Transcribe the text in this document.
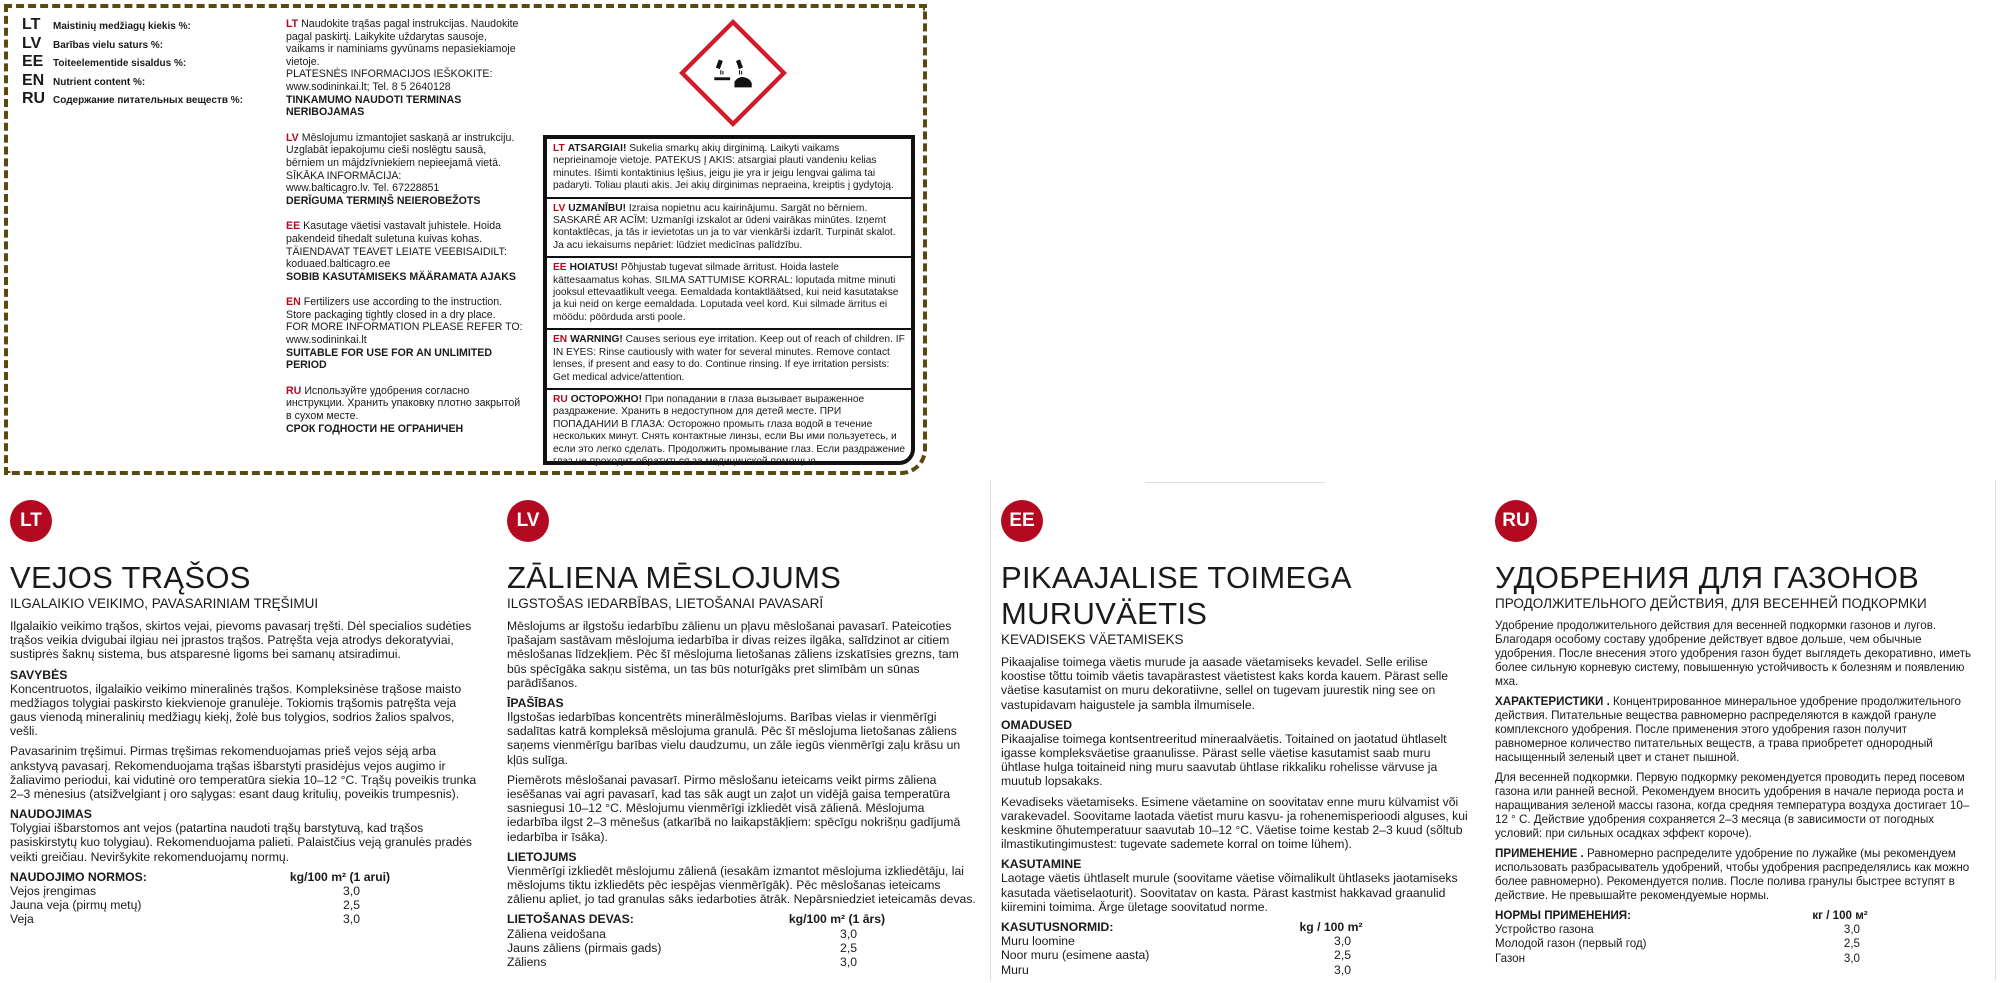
LT	Maistinių medžiagų kiekis %:
LV	Barības vielu saturs %:
EE Toiteelementide sisaldus %:
EN Nutrient content %:
RU Содержание питательных веществ %:
LT Naudokite trąšas pagal instrukcijas. Naudokite pagal paskirtį. Laikykite uždarytas sausoje, vaikams ir naminiams gyvūnams nepasiekiamoje vietoje.
PLATESNĖS INFORMACIJOS IEŠKOKITE:
www.sodininkai.lt; Tel. 8 5 2640128
TINKAMUMO NAUDOTI TERMINAS NERIBOJAMAS
LV Mēslojumu izmantojiet saskaņā ar instrukciju. Uzglabāt iepakojumu cieši noslēgtu sausā, bērniem un mājdzīvniekiem nepieejamā vietā.
SĪKĀKA INFORMĀCIJA:
www.balticagro.lv. Tel. 67228851
DERĪGUMA TERMIŅŠ NEIEROBEŽOTS
EE Kasutage väetisi vastavalt juhistele. Hoida pakendeid tihedalt suletuna kuivas kohas.
TÄIENDAVAT TEAVET LEIATE VEEBISAIDILT:
koduaed.balticagro.ee
SOBIB KASUTAMISEKS MÄÄRAMATA AJAKS
EN Fertilizers use according to the instruction. Store packaging tightly closed in a dry place.
FOR MORE INFORMATION PLEASE REFER TO:
www.sodininkai.lt
SUITABLE FOR USE FOR AN UNLIMITED PERIOD
RU Используйте удобрения согласно инструкции. Хранить упаковку плотно закрытой в сухом месте.
СРОК ГОДНОСТИ НЕ ОГРАНИЧЕН
LT ATSARGIAI! Sukelia smarkų akių dirginimą. Laikyti vaikams neprieinamoje vietoje. PATEKUS Į AKIS: atsargiai plauti vandeniu kelias minutes. Išimti kontaktinius lęšius, jeigu jie yra ir jeigu lengvai galima tai padaryti. Toliau plauti akis. Jei akių dirginimas nepraeina, kreiptis į gydytoją.
LV UZMANĪBU! Izraisa nopietnu acu kairinājumu. Sargāt no bērniem. SASKARĒ AR ACĪM: Uzmanīgi izskalot ar ūdeni vairākas minūtes. Izņemt kontaktlēcas, ja tās ir ievietotas un ja to var vienkārši izdarīt. Turpināt skalot. Ja acu iekaisums nepāriet: lūdziet medicīnas palīdzību.
EE HOIATUS! Põhjustab tugevat silmade ärritust. Hoida lastele kättesaamatus kohas. SILMA SATTUMISE KORRAL: loputada mitme minuti jooksul ettevaatlikult veega. Eemaldada kontaktläätsed, kui neid kasutatakse ja kui neid on kerge eemaldada. Loputada veel kord. Kui silmade ärritus ei möödu: pöörduda arsti poole.
EN WARNING! Causes serious eye irritation. Keep out of reach of children. IF IN EYES: Rinse cautiously with water for several minutes. Remove contact lenses, if present and easy to do. Continue rinsing. If eye irritation persists: Get medical advice/attention.
RU ОСТОРОЖНО! При попадании в глаза вызывает выраженное раздражение. Хранить в недоступном для детей месте. ПРИ ПОПАДАНИИ В ГЛАЗА: Осторожно промыть глаза водой в течение нескольких минут. Снять контактные линзы, если Вы ими пользуетесь, и если это легко сделать. Продолжить промывание глаз. Если раздражение глаз не проходит обратиться за медицинской помощью.
LT
VEJOS TRĄŠOS
ILGALAIKIO VEIKIMO, PAVASARINIAM TRĘŠIMUI

Ilgalaikio veikimo trąšos, skirtos vejai, pievoms pavasarį tręšti. Dėl specialios sudėties trąšos veikia dvigubai ilgiau nei įprastos trąšos. Patręšta veja atrodys dekoratyviai, sustiprės šaknų sistema, bus atsparesnė ligoms bei samanų atsiradimui.

SAVYBĖS

Koncentruotos, ilgalaikio veikimo mineralinės trąšos. Kompleksinėse trąšose maisto medžiagos tolygiai paskirsto kiekvienoje granulėje. Tokiomis trąšomis patręšta veja gaus vienodą mineralinių medžiagų kiekį, žolė bus tolygios, sodrios žalios spalvos, vešli.

Pavasarinim tręšimui. Pirmas tręšimas rekomenduojamas prieš vejos sėją arba ankstyvą pavasarį. Rekomenduojama trąšas išbarstyti prasidėjus vejos augimo ir žaliavimo periodui, kai vidutinė oro temperatūra siekia 10–12 °C. Trąšų poveikis trunka 2–3 mėnesius (atsižvelgiant į oro sąlygas: esant daug kritulių, poveikis trumpesnis).

NAUDOJIMAS

Tolygiai išbarstomos ant vejos (patartina naudoti trąšų barstytuvą, kad trąšos pasiskirstytų kuo tolygiau). Rekomenduojama palieti. Palaistčius veją granulės pradės veikti greičiau. Neviršykite rekomenduojamų normų.

NAUDOJIMO NORMOS:	kg/100 m² (1 arui)
Vejos įrengimas	3,0
Jauna veja (pirmų metų)	2,5
Veja	3,0
LV
ZĀLIENA MĒSLOJUMS
ILGSTOŠAS IEDARBĪBAS, LIETOŠANAI PAVASARĪ

Mēslojums ar ilgstošu iedarbību zālienu un pļavu mēslošanai pavasarī. Pateicoties īpašajam sastāvam mēslojuma iedarbība ir divas reizes ilgāka, salīdzinot ar citiem mēslošanas līdzekļiem. Pēc šī mēslojuma lietošanas zāliens izskatīsies grezns, tam būs spēcīgāka sakņu sistēma, un tas būs noturīgāks pret slimībām un sūnas parādīšanos.

ĪPAŠĪBAS

Ilgstošas iedarbības koncentrēts minerālmēslojums. Barības vielas ir vienmērīgi sadalītas katrā kompleksā mēslojuma granulā. Pēc šī mēslojuma lietošanas zāliens saņems vienmērīgu barības vielu daudzumu, un zāle iegūs vienmērīgi zaļu krāsu un kļūs sulīga.

Piemērots mēslošanai pavasarī. Pirmo mēslošanu ieteicams veikt pirms zāliena iesēšanas vai agri pavasarī, kad tas sāk augt un zaļot un vidējā gaisa temperatūra sasniegusi 10–12 °C. Mēslojumu vienmērīgi izkliedēt visā zālienā. Mēslojuma iedarbība ilgst 2–3 mēnešus (atkarībā no laikapstākļiem: spēcīgu nokrišņu gadījumā iedarbība ir īsāka).

LIETOJUMS

Vienmērīgi izkliedēt mēslojumu zālienā (iesakām izmantot mēslojuma izkliedētāju, lai mēslojums tiktu izkliedēts pēc iespējas vienmērīgāk). Pēc mēslošanas ieteicams zālienu apliet, jo tad granulas sāks iedarboties ātrāk. Nepārsniedziet ieteicamās devas.

LIETOŠANAS DEVAS:	kg/100 m² (1 ārs)
Zāliena veidošana	3,0
Jauns zāliens (pirmais gads)	2,5
Zāliens	3,0
EE
PIKAAJALISE TOIMEGA MURUVÄETIS
KEVADISEKS VÄETAMISEKS

Pikaajalise toimega väetis murude ja aasade väetamiseks kevadel. Selle erilise koostise tõttu toimib väetis tavapärastest väetistest kaks korda kauem. Pärast selle väetise kasutamist on muru dekoratiivne, sellel on tugevam juurestik ning see on vastupidavam haigustele ja sambla ilmumisele.

OMADUSED

Pikaajalise toimega kontsentreeritud mineraalväetis. Toitained on jaotatud ühtlaselt igasse kompleksväetise graanulisse. Pärast selle väetise kasutamist saab muru ühtlase hulga toitaineid ning muru saavutab ühtlase rikkaliku rohelisse värvuse ja muutub lopsakaks.

Kevadiseks väetamiseks. Esimene väetamine on soovitatav enne muru külvamist või varakevadel. Soovitame laotada väetist muru kasvu- ja rohenemisperioodi alguses, kui keskmine õhutemperatuur saavutab 10–12 °C. Väetise toime kestab 2–3 kuud (sõltub ilmastikutingimustest: tugevate sademete korral on toime lühem).

KASUTAMINE

Laotage väetis ühtlaselt murule (soovitame väetise võimalikult ühtlaseks jaotamiseks kasutada väetiselaoturit). Soovitatav on kasta. Pärast kastmist hakkavad graanulid kiiremini toimima. Ärge ületage soovitatud norme.

KASUTUSNORMID:	kg / 100 m²
Muru loomine	3,0
Noor muru (esimene aasta)	2,5
Muru	3,0
RU
УДОБРЕНИЯ ДЛЯ ГАЗОНОВ
ПРОДОЛЖИТЕЛЬНОГО ДЕЙСТВИЯ, ДЛЯ ВЕСЕННЕЙ ПОДКОРМКИ

Удобрение продолжительного действия для весенней подкормки газонов и лугов. Благодаря особому составу удобрение действует вдвое дольше, чем обычные удобрения. После внесения этого удобрения газон будет выглядеть декоративно, иметь более сильную корневую систему, повышенную устойчивость к болезням и появлению мха.

ХАРАКТЕРИСТИКИ . Концентрированное минеральное удобрение продолжительного действия. Питательные вещества равномерно распределяются в каждой грануле комплексного удобрения. После применения этого удобрения газон получит равномерное количество питательных веществ, а трава приобретет однородный насыщенный зеленый цвет и станет пышной.

Для весенней подкормки. Первую подкормку рекомендуется проводить перед посевом газона или ранней весной. Рекомендуем вносить удобрения в начале периода роста и наращивания зеленой массы газона, когда средняя температура воздуха достигает 10–12 ° С. Действие удобрения сохраняется 2–3 месяца (в зависимости от погодных условий: при сильных осадках эффект короче).

ПРИМЕНЕНИЕ . Равномерно распределите удобрение по лужайке (мы рекомендуем использовать разбрасыватель удобрений, чтобы удобрения распределялись как можно более равномерно). Рекомендуется полив. После полива гранулы быстрее вступят в действие. Не превышайте рекомендуемые нормы.

НОРМЫ ПРИМЕНЕНИЯ:	кг / 100 м²
Устройство газона	3,0
Молодой газон (первый год)	2,5
Газон	3,0
